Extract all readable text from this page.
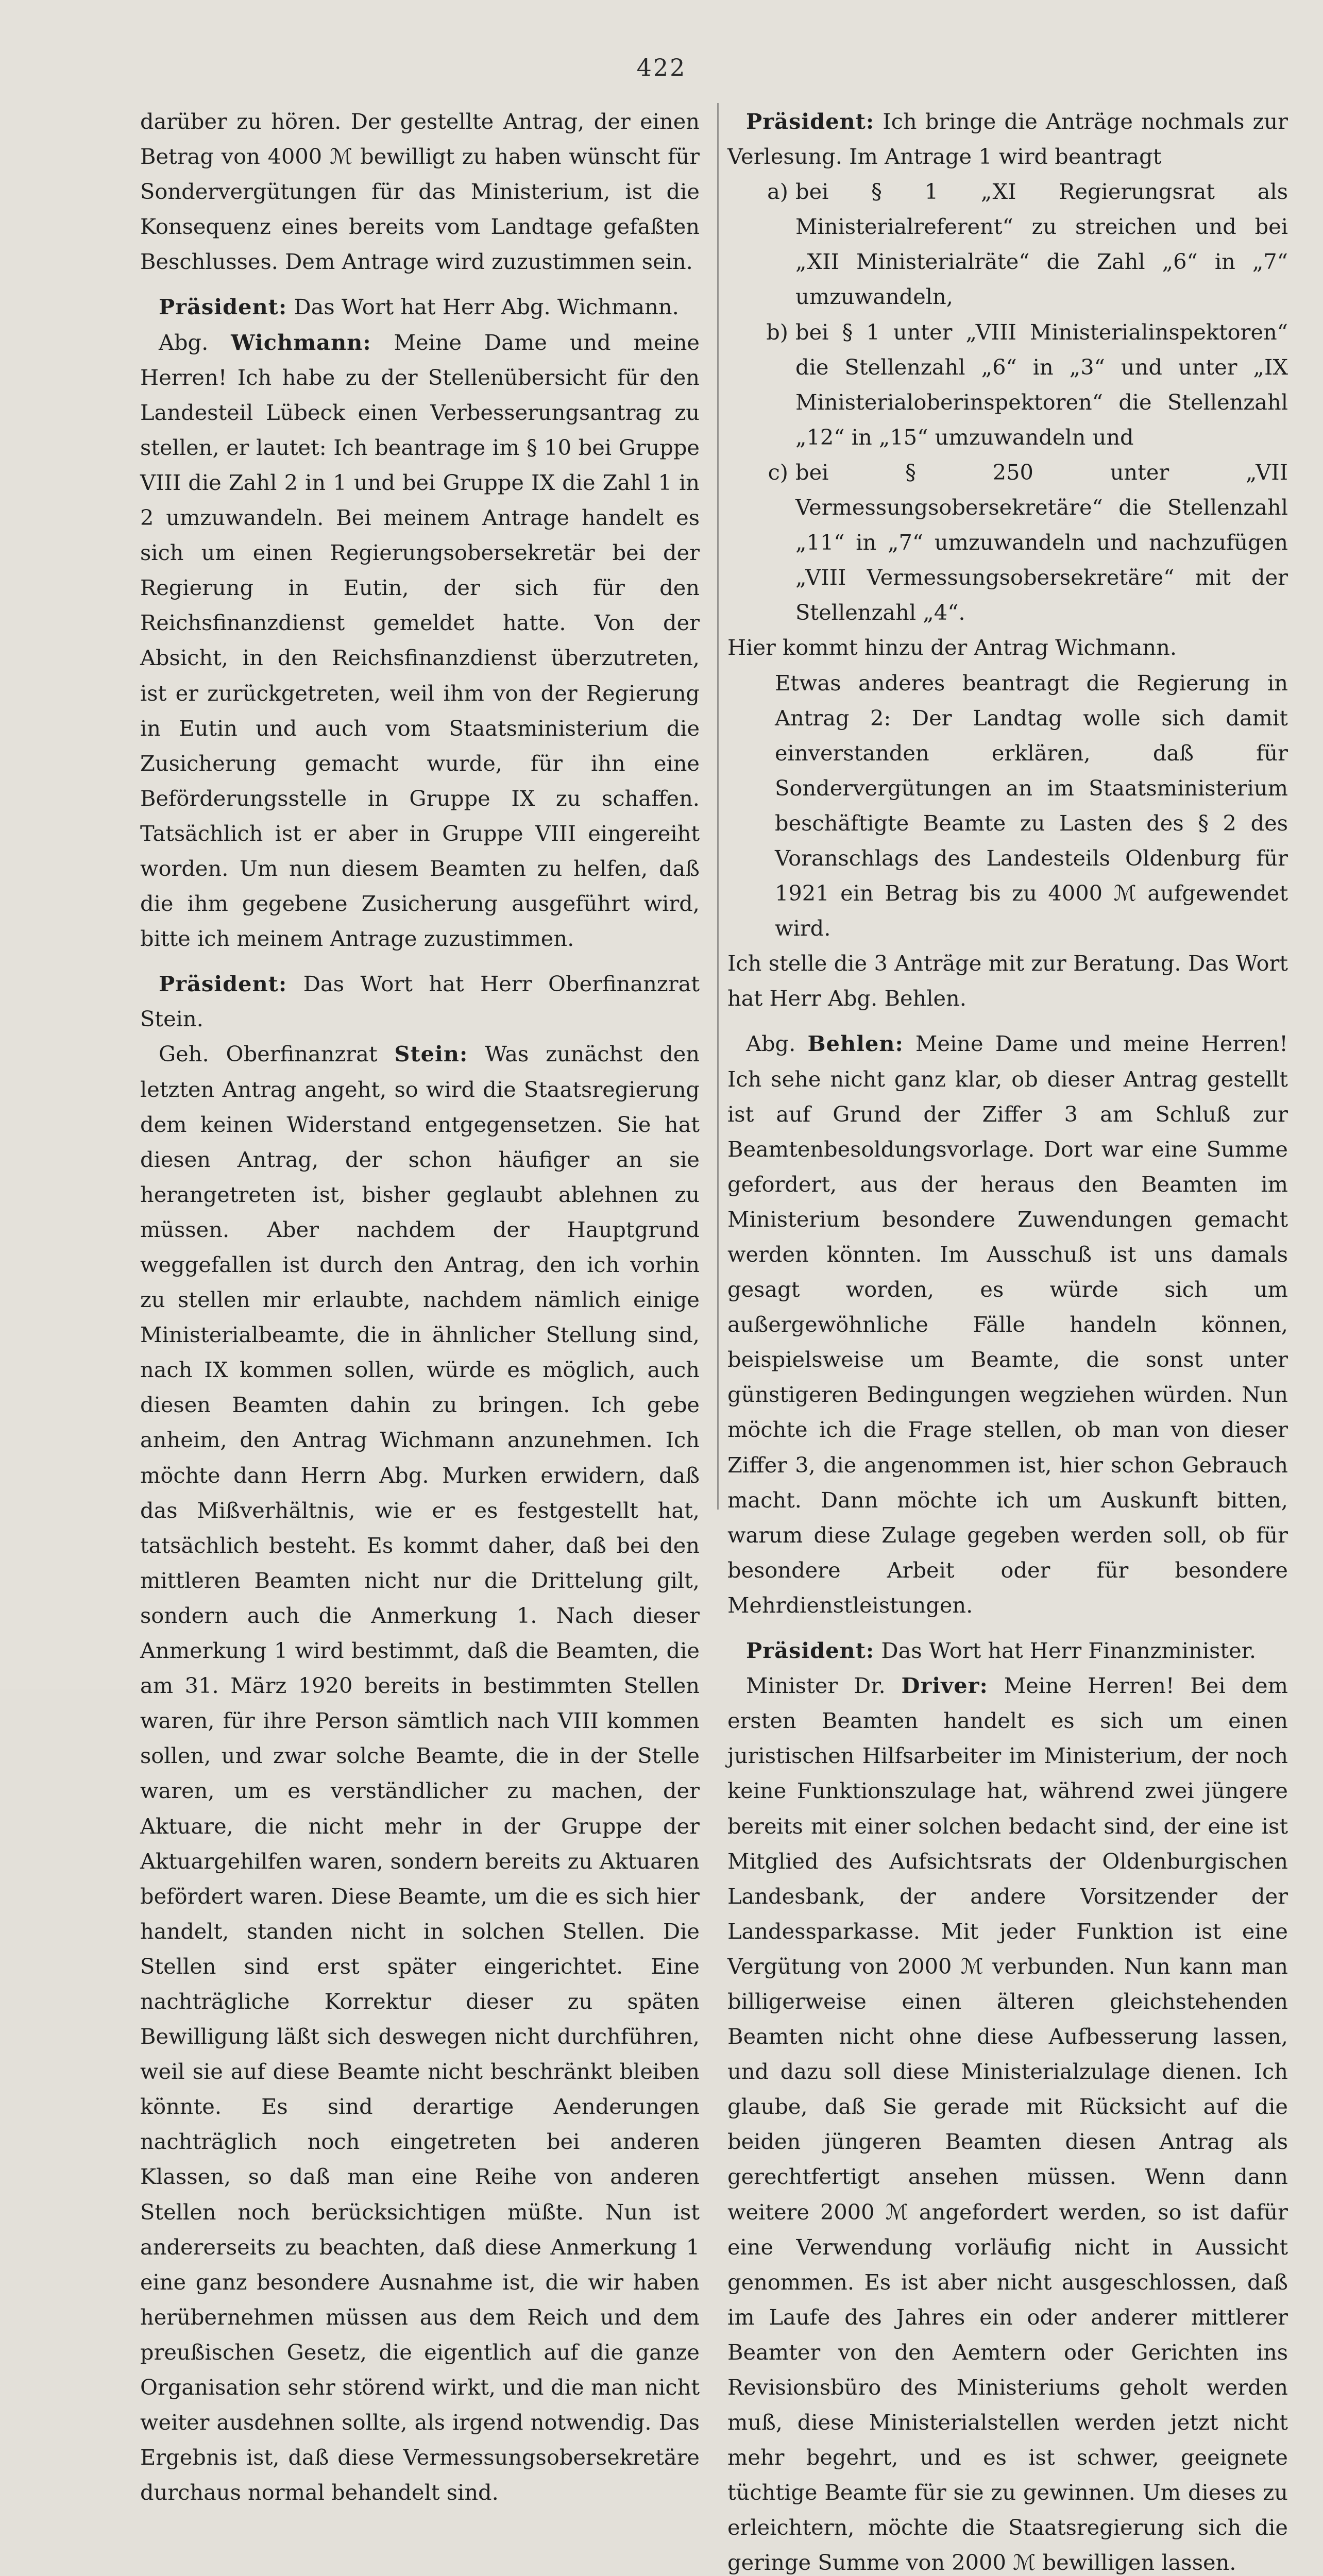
422

darüber zu hören. Der gestellte Antrag, der einen Betrag von 4000 ℳ bewilligt zu haben wünscht für Sondervergütungen für das Ministerium, ist die Konsequenz eines bereits vom Landtage gefaßten Beschlusses. Dem Antrage wird zuzustimmen sein.

Präsident: Das Wort hat Herr Abg. Wichmann.

Abg. Wichmann: Meine Dame und meine Herren! Ich habe zu der Stellenübersicht für den Landesteil Lübeck einen Verbesserungsantrag zu stellen, er lautet: Ich beantrage im § 10 bei Gruppe VIII die Zahl 2 in 1 und bei Gruppe IX die Zahl 1 in 2 umzuwandeln. Bei meinem Antrage handelt es sich um einen Regierungsobersekretär bei der Regierung in Eutin, der sich für den Reichsfinanzdienst gemeldet hatte. Von der Absicht, in den Reichsfinanzdienst überzutreten, ist er zurückgetreten, weil ihm von der Regierung in Eutin und auch vom Staatsministerium die Zusicherung gemacht wurde, für ihn eine Beförderungsstelle in Gruppe IX zu schaffen. Tatsächlich ist er aber in Gruppe VIII eingereiht worden. Um nun diesem Beamten zu helfen, daß die ihm gegebene Zusicherung ausgeführt wird, bitte ich meinem Antrage zuzustimmen.

Präsident: Das Wort hat Herr Oberfinanzrat Stein.

Geh. Oberfinanzrat Stein: Was zunächst den letzten Antrag angeht, so wird die Staatsregierung dem keinen Widerstand entgegensetzen. Sie hat diesen Antrag, der schon häufiger an sie herangetreten ist, bisher geglaubt ablehnen zu müssen. Aber nachdem der Hauptgrund weggefallen ist durch den Antrag, den ich vorhin zu stellen mir erlaubte, nachdem nämlich einige Ministerialbeamte, die in ähnlicher Stellung sind, nach IX kommen sollen, würde es möglich, auch diesen Beamten dahin zu bringen. Ich gebe anheim, den Antrag Wichmann anzunehmen. Ich möchte dann Herrn Abg. Murken erwidern, daß das Mißverhältnis, wie er es festgestellt hat, tatsächlich besteht. Es kommt daher, daß bei den mittleren Beamten nicht nur die Drittelung gilt, sondern auch die Anmerkung 1. Nach dieser Anmerkung 1 wird bestimmt, daß die Beamten, die am 31. März 1920 bereits in bestimmten Stellen waren, für ihre Person sämtlich nach VIII kommen sollen, und zwar solche Beamte, die in der Stelle waren, um es verständlicher zu machen, der Aktuare, die nicht mehr in der Gruppe der Aktuargehilfen waren, sondern bereits zu Aktuaren befördert waren. Diese Beamte, um die es sich hier handelt, standen nicht in solchen Stellen. Die Stellen sind erst später eingerichtet. Eine nachträgliche Korrektur dieser zu späten Bewilligung läßt sich deswegen nicht durchführen, weil sie auf diese Beamte nicht beschränkt bleiben könnte. Es sind derartige Aenderungen nachträglich noch eingetreten bei anderen Klassen, so daß man eine Reihe von anderen Stellen noch berücksichtigen müßte. Nun ist andererseits zu beachten, daß diese Anmerkung 1 eine ganz besondere Ausnahme ist, die wir haben herübernehmen müssen aus dem Reich und dem preußischen Gesetz, die eigentlich auf die ganze Organisation sehr störend wirkt, und die man nicht weiter ausdehnen sollte, als irgend notwendig. Das Ergebnis ist, daß diese Vermessungsobersekretäre durchaus normal behandelt sind.

Präsident: Ich bringe die Anträge nochmals zur Verlesung. Im Antrage 1 wird beantragt

a) bei § 1 „XI Regierungsrat als Ministerialreferent“ zu streichen und bei „XII Ministerialräte“ die Zahl „6“ in „7“ umzuwandeln,
b) bei § 1 unter „VIII Ministerialinspektoren“ die Stellenzahl „6“ in „3“ und unter „IX Ministerialoberinspektoren“ die Stellenzahl „12“ in „15“ umzuwandeln und
c) bei § 250 unter „VII Vermessungsobersekretäre“ die Stellenzahl „11“ in „7“ umzuwandeln und nachzufügen „VIII Vermessungsobersekretäre“ mit der Stellenzahl „4“.

Hier kommt hinzu der Antrag Wichmann.

Etwas anderes beantragt die Regierung in Antrag 2: Der Landtag wolle sich damit einverstanden erklären, daß für Sondervergütungen an im Staatsministerium beschäftigte Beamte zu Lasten des § 2 des Voranschlags des Landesteils Oldenburg für 1921 ein Betrag bis zu 4000 ℳ aufgewendet wird.

Ich stelle die 3 Anträge mit zur Beratung. Das Wort hat Herr Abg. Behlen.

Abg. Behlen: Meine Dame und meine Herren! Ich sehe nicht ganz klar, ob dieser Antrag gestellt ist auf Grund der Ziffer 3 am Schluß zur Beamtenbesoldungsvorlage. Dort war eine Summe gefordert, aus der heraus den Beamten im Ministerium besondere Zuwendungen gemacht werden könnten. Im Ausschuß ist uns damals gesagt worden, es würde sich um außergewöhnliche Fälle handeln können, beispielsweise um Beamte, die sonst unter günstigeren Bedingungen wegziehen würden. Nun möchte ich die Frage stellen, ob man von dieser Ziffer 3, die angenommen ist, hier schon Gebrauch macht. Dann möchte ich um Auskunft bitten, warum diese Zulage gegeben werden soll, ob für besondere Arbeit oder für besondere Mehrdienstleistungen.

Präsident: Das Wort hat Herr Finanzminister.

Minister Dr. Driver: Meine Herren! Bei dem ersten Beamten handelt es sich um einen juristischen Hilfsarbeiter im Ministerium, der noch keine Funktionszulage hat, während zwei jüngere bereits mit einer solchen bedacht sind, der eine ist Mitglied des Aufsichtsrats der Oldenburgischen Landesbank, der andere Vorsitzender der Landessparkasse. Mit jeder Funktion ist eine Vergütung von 2000 ℳ verbunden. Nun kann man billigerweise einen älteren gleichstehenden Beamten nicht ohne diese Aufbesserung lassen, und dazu soll diese Ministerialzulage dienen. Ich glaube, daß Sie gerade mit Rücksicht auf die beiden jüngeren Beamten diesen Antrag als gerechtfertigt ansehen müssen. Wenn dann weitere 2000 ℳ angefordert werden, so ist dafür eine Verwendung vorläufig nicht in Aussicht genommen. Es ist aber nicht ausgeschlossen, daß im Laufe des Jahres ein oder anderer mittlerer Beamter von den Aemtern oder Gerichten ins Revisionsbüro des Ministeriums geholt werden muß, diese Ministerialstellen werden jetzt nicht mehr begehrt, und es ist schwer, geeignete tüchtige Beamte für sie zu gewinnen. Um dieses zu erleichtern, möchte die Staatsregierung sich die geringe Summe von 2000 ℳ bewilligen lassen.
